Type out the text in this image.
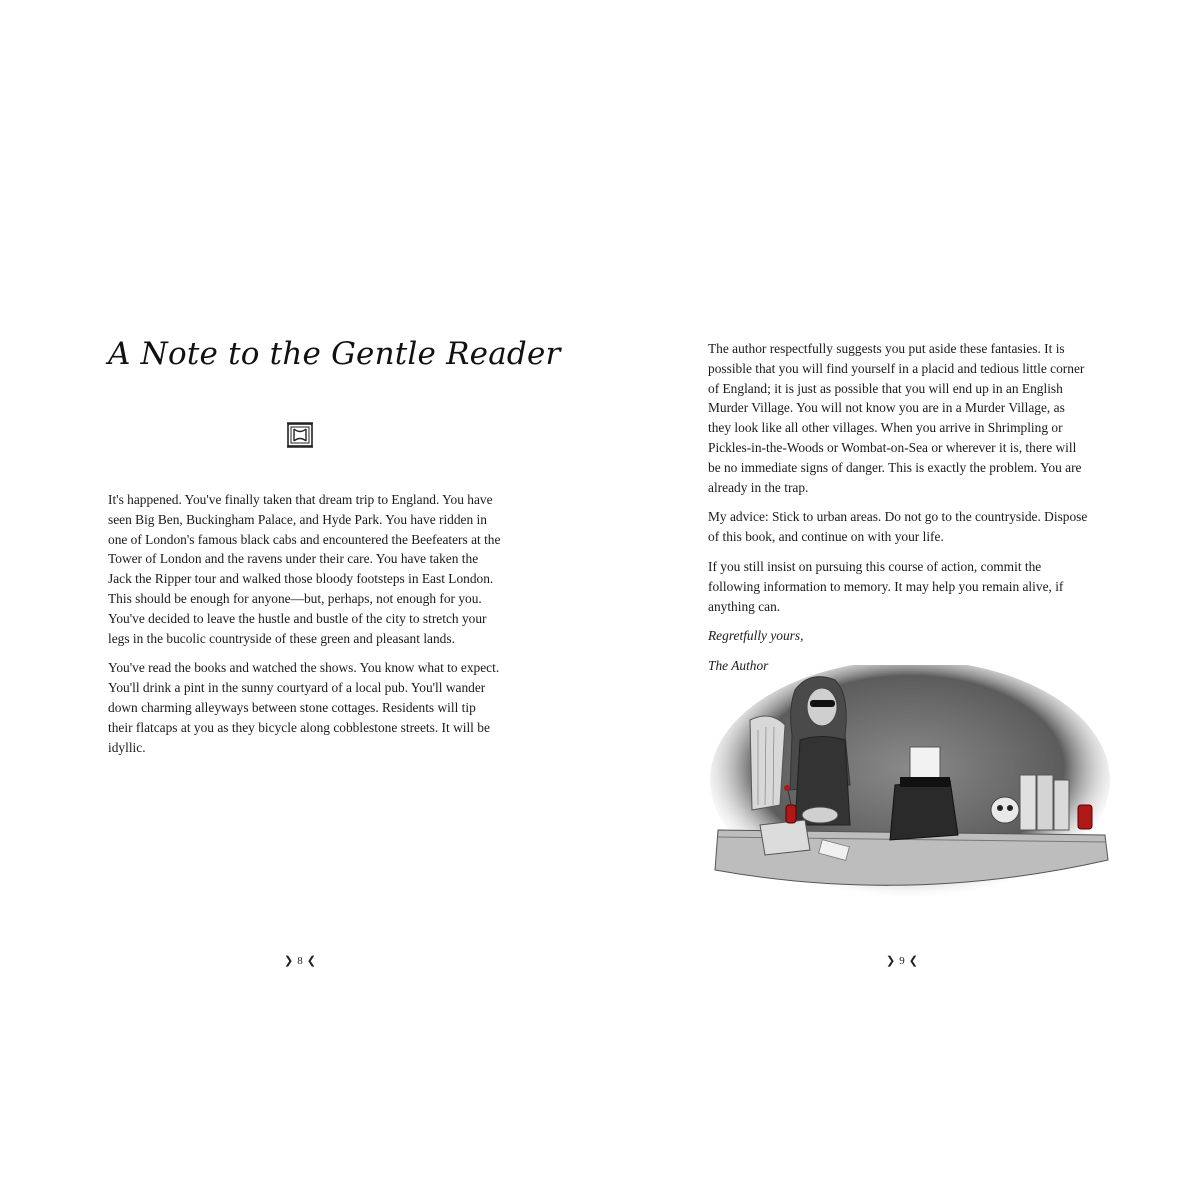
A Note to the Gentle Reader

It's happened. You've finally taken that dream trip to England. You have seen Big Ben, Buckingham Palace, and Hyde Park. You have ridden in one of London's famous black cabs and encountered the Beefeaters at the Tower of London and the ravens under their care. You have taken the Jack the Ripper tour and walked those bloody footsteps in East London. This should be enough for anyone—but, perhaps, not enough for you. You've decided to leave the hustle and bustle of the city to stretch your legs in the bucolic countryside of these green and pleasant lands.

You've read the books and watched the shows. You know what to expect. You'll drink a pint in the sunny courtyard of a local pub. You'll wander down charming alleyways between stone cottages. Residents will tip their flatcaps at you as they bicycle along cobblestone streets. It will be idyllic.

❯ 8 ❮

The author respectfully suggests you put aside these fantasies. It is possible that you will find yourself in a placid and tedious little corner of England; it is just as possible that you will end up in an English Murder Village. You will not know you are in a Murder Village, as they look like all other villages. When you arrive in Shrimpling or Pickles-in-the-Woods or Wombat-on-Sea or wherever it is, there will be no immediate signs of danger. This is exactly the problem. You are already in the trap.

My advice: Stick to urban areas. Do not go to the countryside. Dispose of this book, and continue on with your life.

If you still insist on pursuing this course of action, commit the following information to memory. It may help you remain alive, if anything can.

Regretfully yours,

The Author

❯ 9 ❮
